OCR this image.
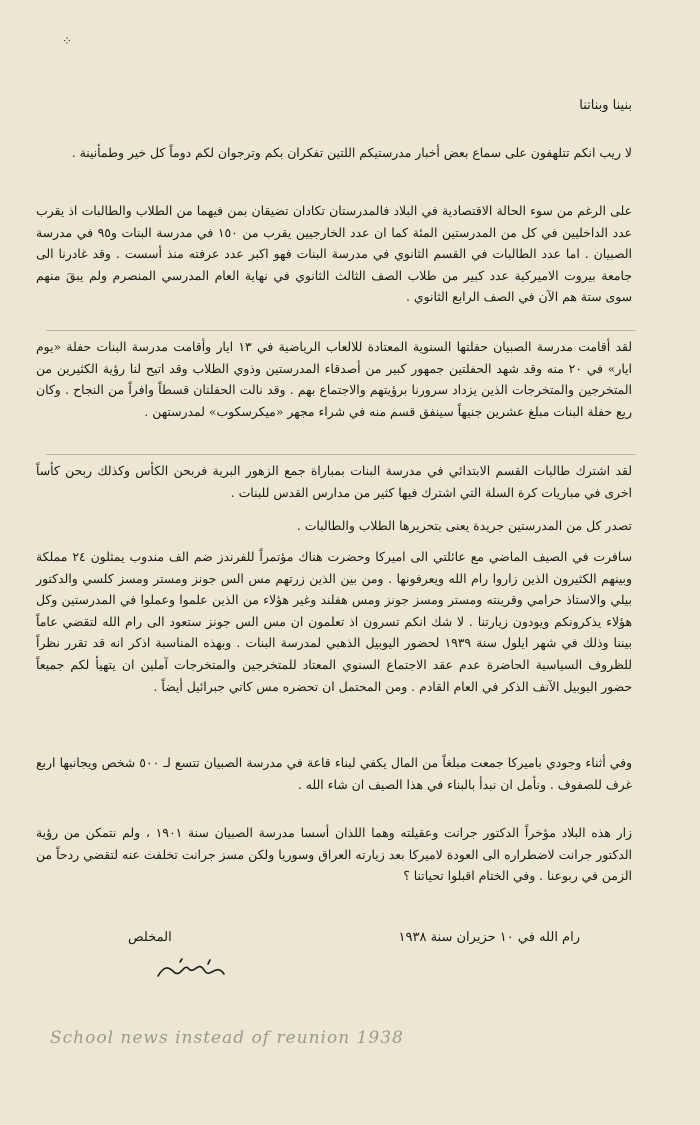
⁘
بنينا وبناتنا

لا ريب انكم تتلهفون على سماع بعض أخبار مدرستيكم اللتين تفكران بكم وترجوان لكم دوماً كل خير وطمأنينة .

على الرغم من سوء الحالة الاقتصادية في البلاد فالمدرستان تكادان تضيقان بمن فيهما من الطلاب والطالبات اذ يقرب عدد الداخليين في كل من المدرستين المئة كما ان عدد الخارجيين يقرب من ١٥٠ في مدرسة البنات و٩٥ في مدرسة الصبيان . اما عدد الطالبات في القسم الثانوي في مدرسة البنات فهو اكبر عدد عرفته منذ أسست . وقد غادرنا الى جامعة بيروت الاميركية عدد كبير من طلاب الصف الثالث الثانوي في نهاية العام المدرسي المنصرم ولم يبقَ منهم سوى ستة هم الآن في الصف الرابع الثانوي .

لقد أقامت مدرسة الصبيان حفلتها السنوية المعتادة للالعاب الرياضية في ١٣ ايار وأقامت مدرسة البنات حفلة «يوم ايار» في ٢٠ منه وقد شهد الحفلتين جمهور كبير من أصدقاء المدرستين وذوي الطلاب وقد اتيح لنا رؤية الكثيرين من المتخرجين والمتخرجات الذين يزداد سرورنا برؤيتهم والاجتماع بهم . وقد نالت الحفلتان قسطاً وافراً من النجاح . وكان ريع حفلة البنات مبلغ عشرين جنيهاً سينفق قسم منه في شراء مجهر «ميكرسكوب» لمدرستهن .

لقد اشترك طالبات القسم الابتدائي في مدرسة البنات بمباراة جمع الزهور البرية فربحن الكأس وكذلك ربحن كأساً اخرى في مباريات كرة السلة التي اشترك فيها كثير من مدارس القدس للبنات .

تصدر كل من المدرستين جريدة يعنى بتحريرها الطلاب والطالبات .

سافرت في الصيف الماضي مع عائلتي الى اميركا وحضرت هناك مؤتمراً للفرندز ضم الف مندوب يمثلون ٢٤ مملكة وبينهم الكثيرون الذين زاروا رام الله ويعرفونها . ومن بين الذين زرتهم مس الس جونز ومستر ومسز كلسي والدكتور بيلي والاستاذ حرامي وقرينته ومستر ومسز جونز ومس هفلند وغير هؤلاء من الذين علموا وعملوا في المدرستين وكل هؤلاء يذكرونكم ويودون زيارتنا . لا شك انكم تسرون اذ تعلمون ان مس الس جونز ستعود الى رام الله لتقضي عاماً بيننا وذلك في شهر ايلول سنة ١٩٣٩ لحضور اليوبيل الذهبي لمدرسة البنات . وبهذه المناسبة اذكر انه قد تقرر نظراً للظروف السياسية الحاضرة عدم عقد الاجتماع السنوي المعتاد للمتخرجين والمتخرجات آملين ان يتهيأ لكم جميعاً حضور اليوبيل الآنف الذكر في العام القادم . ومن المحتمل ان تحضره مس كاتي جبرائيل أيضاً .

وفي أثناء وجودي باميركا جمعت مبلغاً من المال يكفي لبناء قاعة في مدرسة الصبيان تتسع لـ ٥٠٠ شخص ويجانبها اربع غرف للصفوف . ونأمل ان نبدأ بالبناء في هذا الصيف ان شاء الله .

زار هذه البلاد مؤخراً الدكتور جرانت وعقيلته وهما اللذان أسسا مدرسة الصبيان سنة ١٩٠١ ، ولم نتمكن من رؤية الدكتور جرانت لاضطراره الى العودة لاميركا بعد زيارته العراق وسوريا ولكن مسز جرانت تخلفت عنه لتقضي ردحاً من الزمن في ربوعنا . وفي الختام اقبلوا تحياتنا ؟

رام الله في ١٠ حزيران سنة ١٩٣٨
المخلص
School news instead of reunion 1938
